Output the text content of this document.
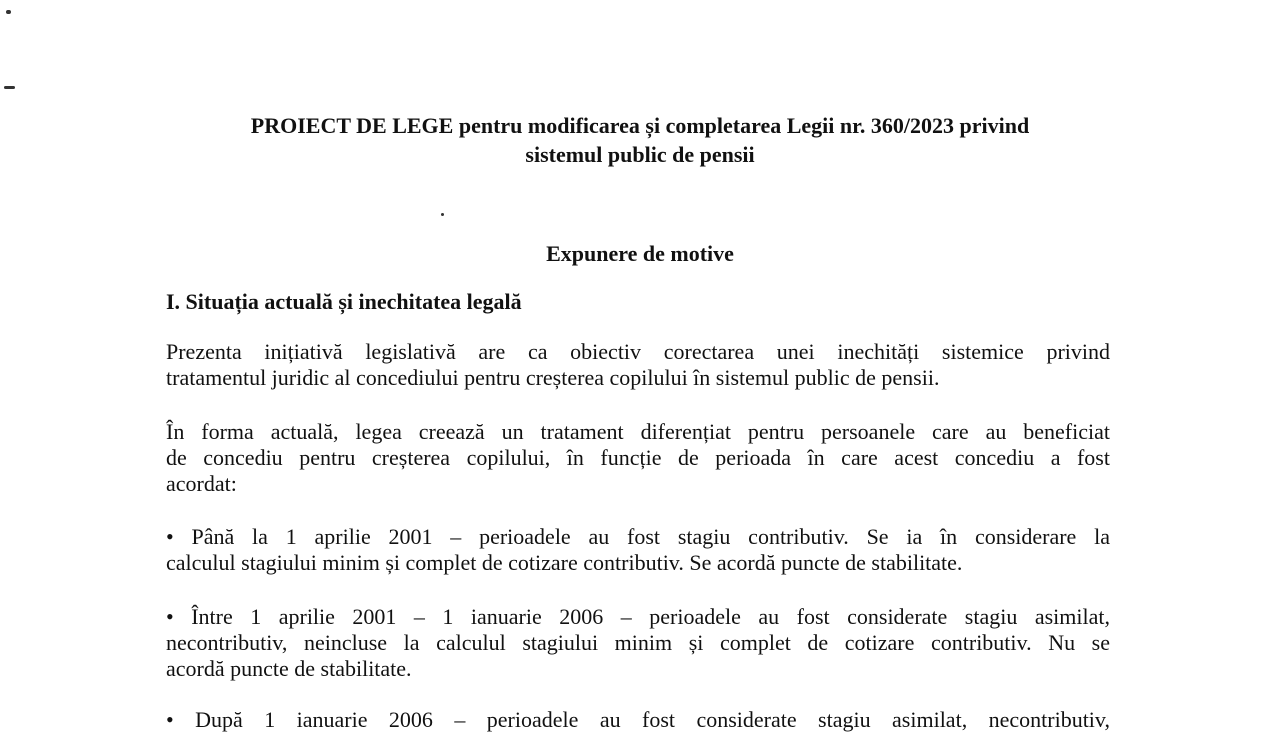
PROIECT DE LEGE pentru modificarea și completarea Legii nr. 360/2023 privind
sistemul public de pensii
Expunere de motive
I. Situația actuală și inechitatea legală
Prezenta inițiativă legislativă are ca obiectiv corectarea unei inechități sistemice privind
tratamentul juridic al concediului pentru creșterea copilului în sistemul public de pensii.
În forma actuală, legea creează un tratament diferențiat pentru persoanele care au beneficiat
de concediu pentru creșterea copilului, în funcție de perioada în care acest concediu a fost
acordat:
• Până la 1 aprilie 2001 – perioadele au fost stagiu contributiv. Se ia în considerare la
calculul stagiului minim și complet de cotizare contributiv. Se acordă puncte de stabilitate.
• Între 1 aprilie 2001 – 1 ianuarie 2006 – perioadele au fost considerate stagiu asimilat,
necontributiv, neincluse la calculul stagiului minim și complet de cotizare contributiv. Nu se
acordă puncte de stabilitate.
• După 1 ianuarie 2006 – perioadele au fost considerate stagiu asimilat, necontributiv,
